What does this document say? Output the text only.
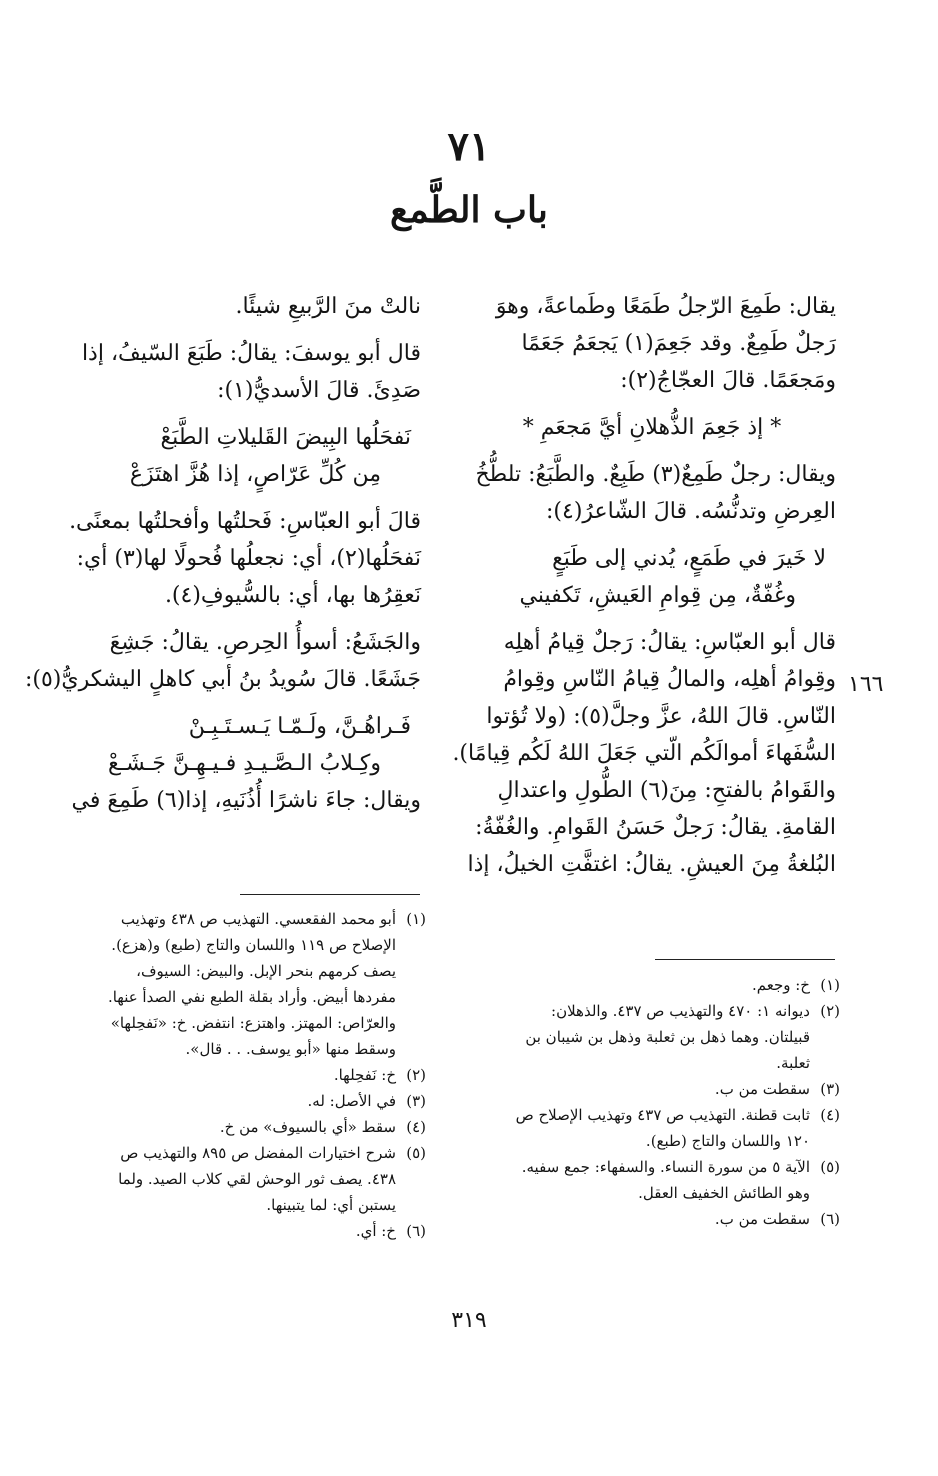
٧١
باب الطَّمع
يقال: طَمِعَ الرّجلُ طَمَعًا وطَماعةً، وهوَ
رَجلٌ طَمِعٌ. وقد جَعِمَ(١) يَجعَمُ جَعَمًا
ومَجعَمًا. قالَ العجّاجُ(٢):
* إذ جَعِمَ الذُّهلانِ أيَّ مَجعَمِ *
ويقال: رجلٌ طَمِعٌ(٣) طَبِعٌ. والطَّبَعُ: تلطُّخُ
العِرضِ وتدنُّسُه. قالَ الشّاعرُ(٤):
لا خَيرَ في طَمَعٍ، يُدني إلى طَبَعٍ
وغُفّةٌ، مِن قِوامِ العَيشِ، تَكفيني
قال أبو العبّاسِ: يقالُ: رَجلٌ قِيامُ أهلِه
وقِوامُ أهلِه، والمالُ قِيامُ النّاسِ وقِوامُ
النّاسِ. قالَ اللهُ، عزَّ وجلَّ(٥): (ولا تُؤتوا
السُّفَهاءَ أموالَكُم الّتي جَعَلَ اللهُ لَكُم قِيامًا).
والقَوامُ بالفتحِ: مِنَ(٦) الطُّولِ واعتدالِ
القامةِ. يقالُ: رَجلٌ حَسَنُ القَوامِ. والغُفّةُ:
البُلغةُ مِنَ العيشِ. يقالُ: اغتفَّتِ الخيلُ، إذا
١٦٦
نالتْ منَ الرَّبيعِ شيئًا.
قال أبو يوسفَ: يقالُ: طَبَعَ السّيفُ، إذا
صَدِئَ. قالَ الأسديُّ(١):
نَفحَلُها البِيضَ القَليلاتِ الطَّبَعْ
مِن كُلِّ عَرّاصٍ، إذا هُزَّ اهتَزَعْ
قالَ أبو العبّاسِ: فَحلتُها وأفحلتُها بمعنًى.
نَفحَلُها(٢)، أي: نجعلُها فُحولًا لها(٣) أي:
نَعقِرُها بها، أي: بالسُّيوفِ(٤).
والجَشَعُ: أسوأُ الحِرصِ. يقالُ: جَشِعَ
جَشَعًا. قالَ سُويدُ بنُ أبي كاهلٍ اليشكريُّ(٥):
فَـراهُـنَّ، ولَـمّـا يَـسـتَـبِـنْ
وكِـلابُ الـصَّـيـدِ فـيـهِـنَّ جَـشَـعْ
ويقال: جاءَ ناشرًا أُذُنَيهِ، إذا(٦) طَمِعَ في
(١)
خ: وجعم.
(٢)
ديوانه ١: ٤٧٠ والتهذيب ص ٤٣٧. والذهلان:
قبيلتان. وهما ذهل بن ثعلبة وذهل بن شيبان بن
ثعلبة.
(٣)
سقطت من ب.
(٤)
ثابت قطنة. التهذيب ص ٤٣٧ وتهذيب الإصلاح ص
١٢٠ واللسان والتاج (طبع).
(٥)
الآية ٥ من سورة النساء. والسفهاء: جمع سفيه.
وهو الطائش الخفيف العقل.
(٦)
سقطت من ب.
(١)
أبو محمد الفقعسي. التهذيب ص ٤٣٨ وتهذيب
الإصلاح ص ١١٩ واللسان والتاج (طبع) و(هزع).
يصف كرمهم بنحر الإبل. والبيض: السيوف،
مفردها أبيض. وأراد بقلة الطبع نفي الصدأ عنها.
والعرّاص: المهتز. واهتزع: انتفض. خ: «نَفحِلها»
وسقط منها «أبو يوسف. . . قال».
(٢)
خ: نَفحِلها.
(٣)
في الأصل: له.
(٤)
سقط «أي بالسيوف» من خ.
(٥)
شرح اختيارات المفضل ص ٨٩٥ والتهذيب ص
٤٣٨. يصف ثور الوحش لقي كلاب الصيد. ولما
يستبن أي: لما يتبينها.
(٦)
خ: أي.
٣١٩
